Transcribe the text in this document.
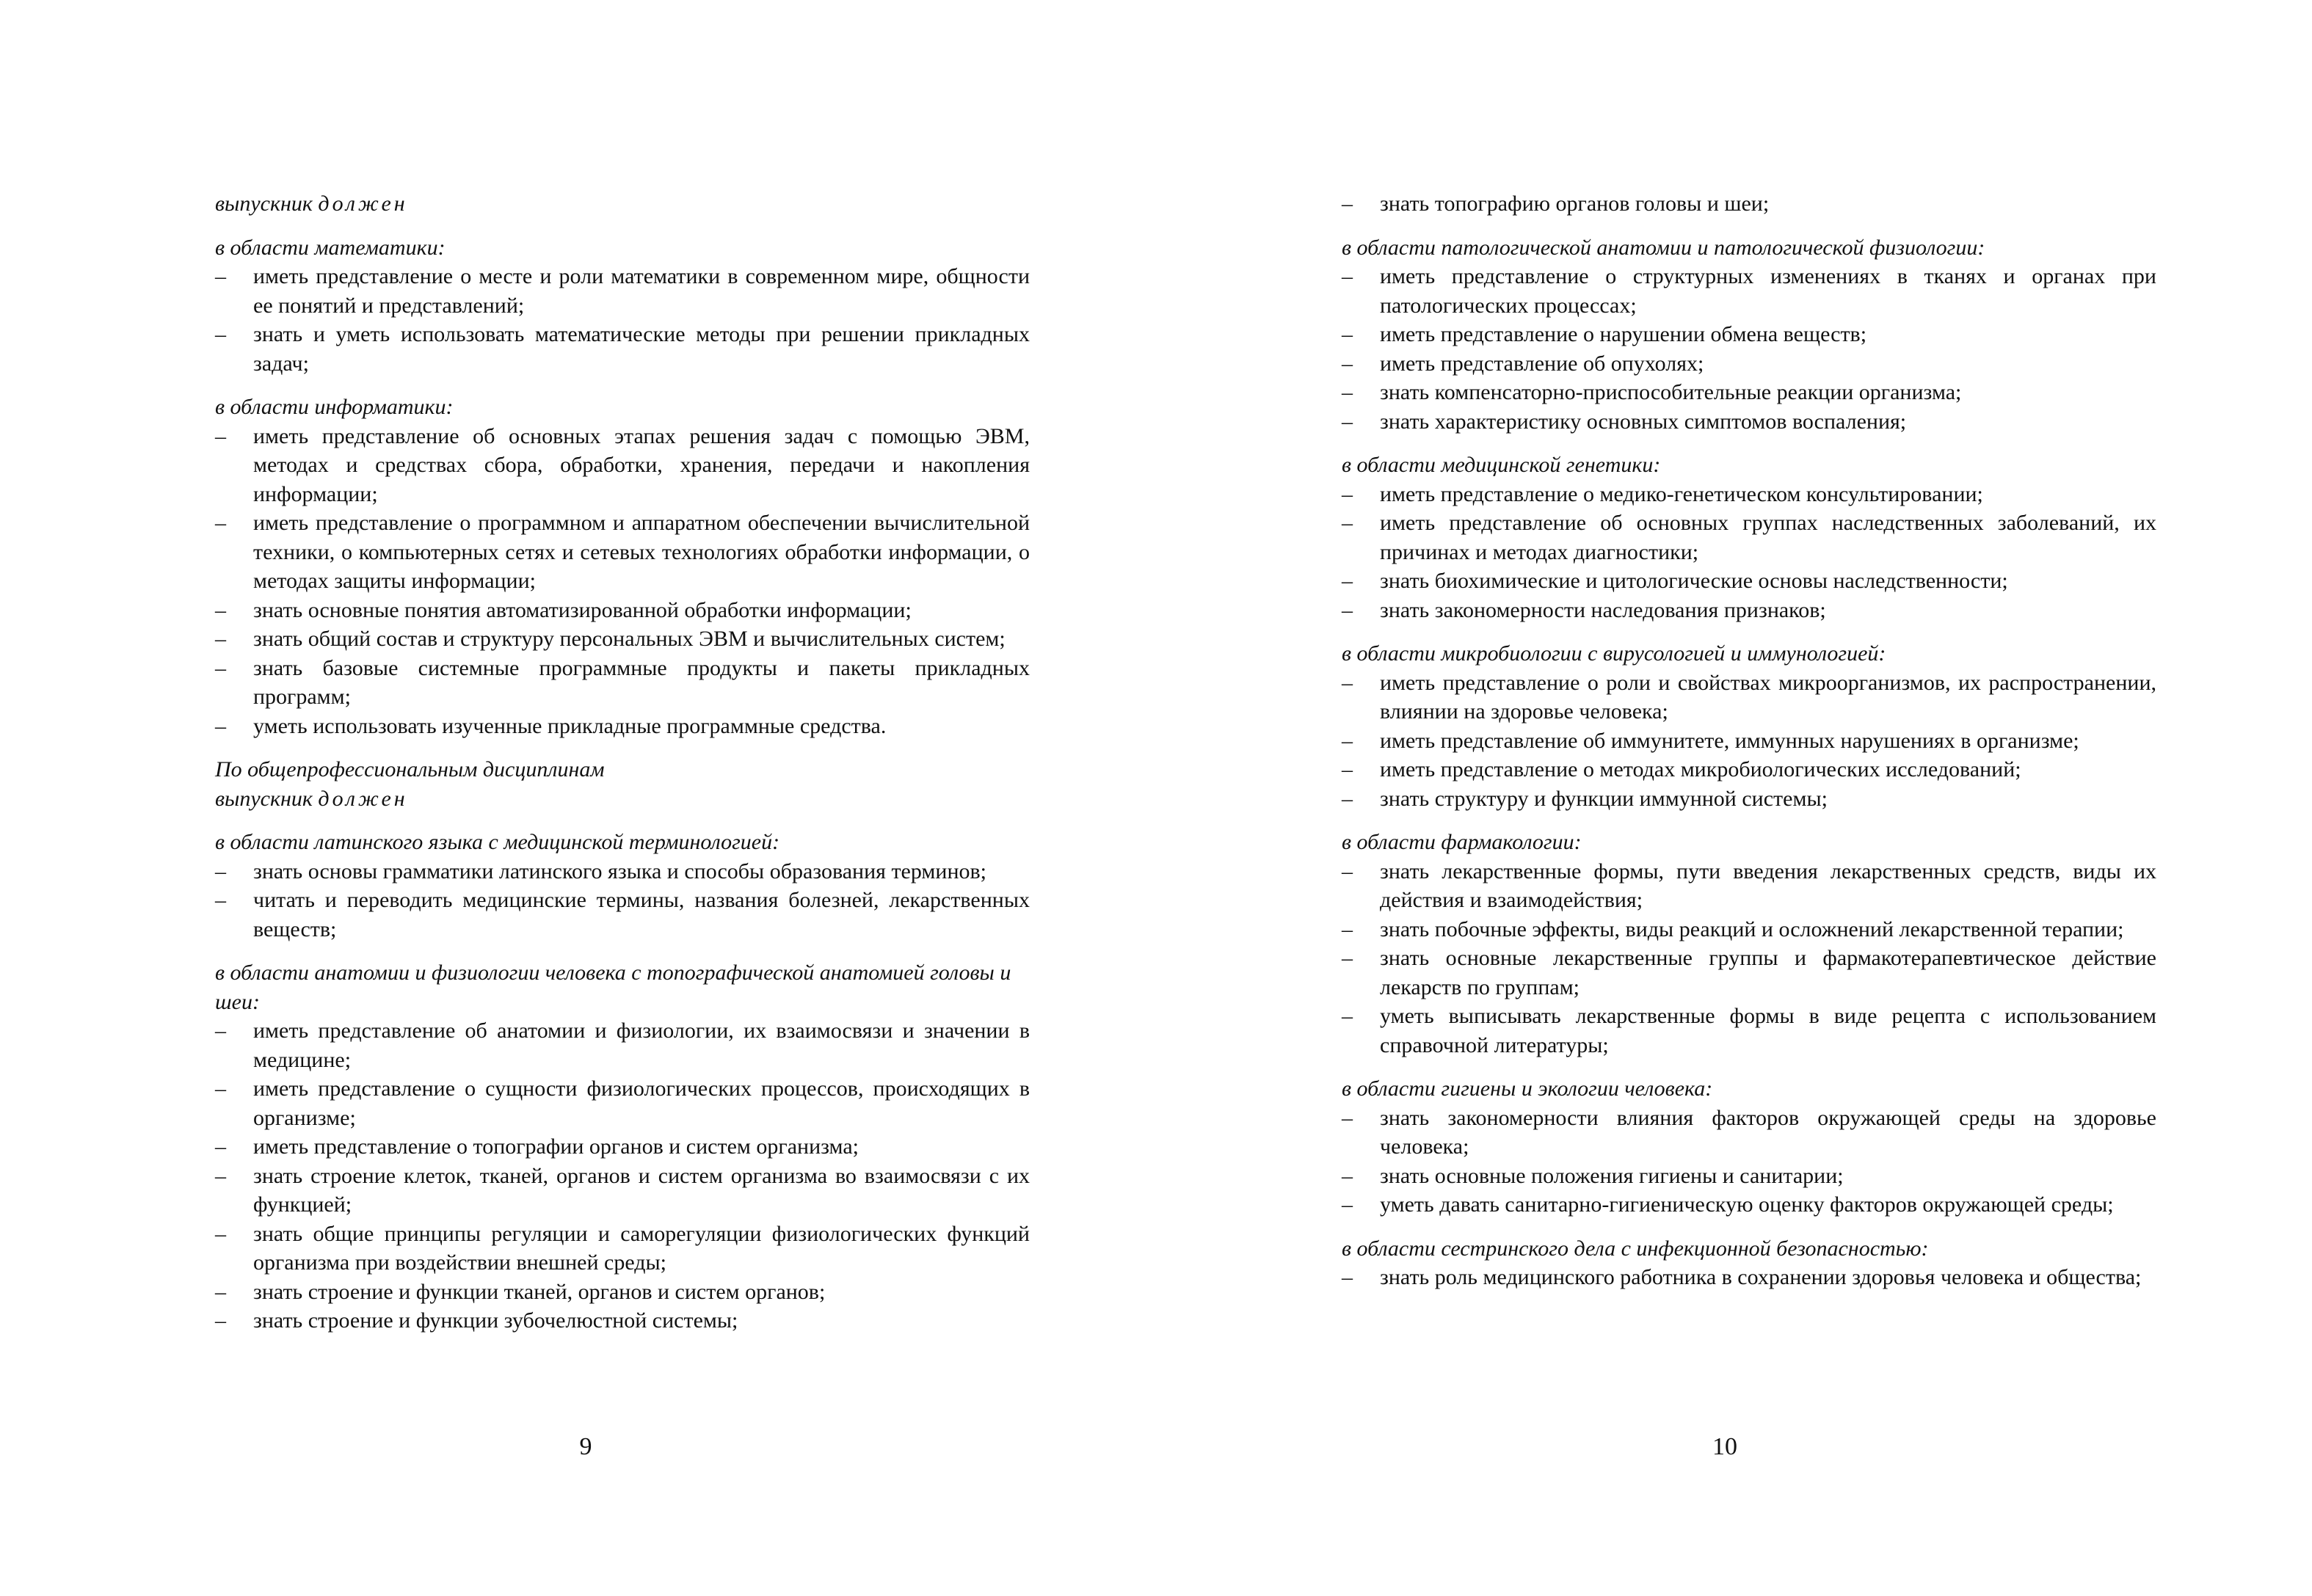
выпускник должен

в области математики:

– иметь представление о месте и роли математики в современном мире, общности ее понятий и представлений;
– знать и уметь использовать математические методы при решении прикладных задач;

в области информатики:

– иметь представление об основных этапах решения задач с помощью ЭВМ, методах и средствах сбора, обработки, хранения, передачи и накопления информации;
– иметь представление о программном и аппаратном обеспечении вычислительной техники, о компьютерных сетях и сетевых технологиях обработки информации, о методах защиты информации;
– знать основные понятия автоматизированной обработки информации;
– знать общий состав и структуру персональных ЭВМ и вычислительных систем;
– знать базовые системные программные продукты и пакеты прикладных программ;
– уметь использовать изученные прикладные программные средства.

По общепрофессиональным дисциплинам

выпускник должен

в области латинского языка с медицинской терминологией:

– знать основы грамматики латинского языка и способы образования терминов;
– читать и переводить медицинские термины, названия болезней, лекарственных веществ;

в области анатомии и физиологии человека с топографической анатомией головы и шеи:

– иметь представление об анатомии и физиологии, их взаимосвязи и значении в медицине;
– иметь представление о сущности физиологических процессов, происходящих в организме;
– иметь представление о топографии органов и систем организма;
– знать строение клеток, тканей, органов и систем организма во взаимосвязи с их функцией;
– знать общие принципы регуляции и саморегуляции физиологических функций организма при воздействии внешней среды;
– знать строение и функции тканей, органов и систем органов;
– знать строение и функции зубочелюстной системы;
9
– знать топографию органов головы и шеи;

в области патологической анатомии и патологической физиологии:

– иметь представление о структурных изменениях в тканях и органах при патологических процессах;
– иметь представление о нарушении обмена веществ;
– иметь представление об опухолях;
– знать компенсаторно-приспособительные реакции организма;
– знать характеристику основных симптомов воспаления;

в области медицинской генетики:

– иметь представление о медико-генетическом консультировании;
– иметь представление об основных группах наследственных заболеваний, их причинах и методах диагностики;
– знать биохимические и цитологические основы наследственности;
– знать закономерности наследования признаков;

в области микробиологии с вирусологией и иммунологией:

– иметь представление о роли и свойствах микроорганизмов, их распространении, влиянии на здоровье человека;
– иметь представление об иммунитете, иммунных нарушениях в организме;
– иметь представление о методах микробиологических исследований;
– знать структуру и функции иммунной системы;

в области фармакологии:

– знать лекарственные формы, пути введения лекарственных средств, виды их действия и взаимодействия;
– знать побочные эффекты, виды реакций и осложнений лекарственной терапии;
– знать основные лекарственные группы и фармакотерапевтическое действие лекарств по группам;
– уметь выписывать лекарственные формы в виде рецепта с использованием справочной литературы;

в области гигиены и экологии человека:

– знать закономерности влияния факторов окружающей среды на здоровье человека;
– знать основные положения гигиены и санитарии;
– уметь давать санитарно-гигиеническую оценку факторов окружающей среды;

в области сестринского дела с инфекционной безопасностью:

– знать роль медицинского работника в сохранении здоровья человека и общества;
10
